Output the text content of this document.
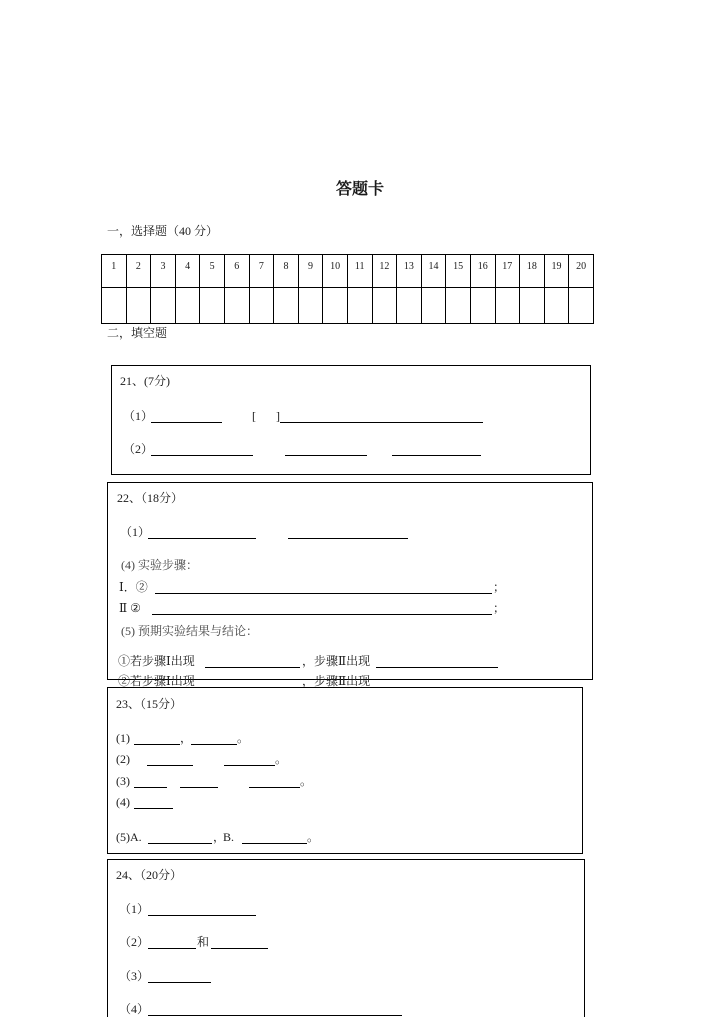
答题卡
一，选择题（40 分）
1	2	3	4	5	6	7	8	9	10	11	12	13	14	15	16	17	18	19	20

二，填空题
21、(7分)
（1）	[ ]
（2）
22、（18分）
（1）
(4) 实验步骤：
Ⅰ．②	；
Ⅱ ②	；
(5) 预期实验结果与结论：
①若步骤Ⅰ出现	，步骤Ⅱ出现
②若步骤Ⅰ出现	，步骤Ⅱ出现
23、（15分）
(1)	，	。
(2)	。
(3)	。
(4)
(5)A.	，
B.	。
24、（20分）
（1）
（2）	和
（3）
（4）
